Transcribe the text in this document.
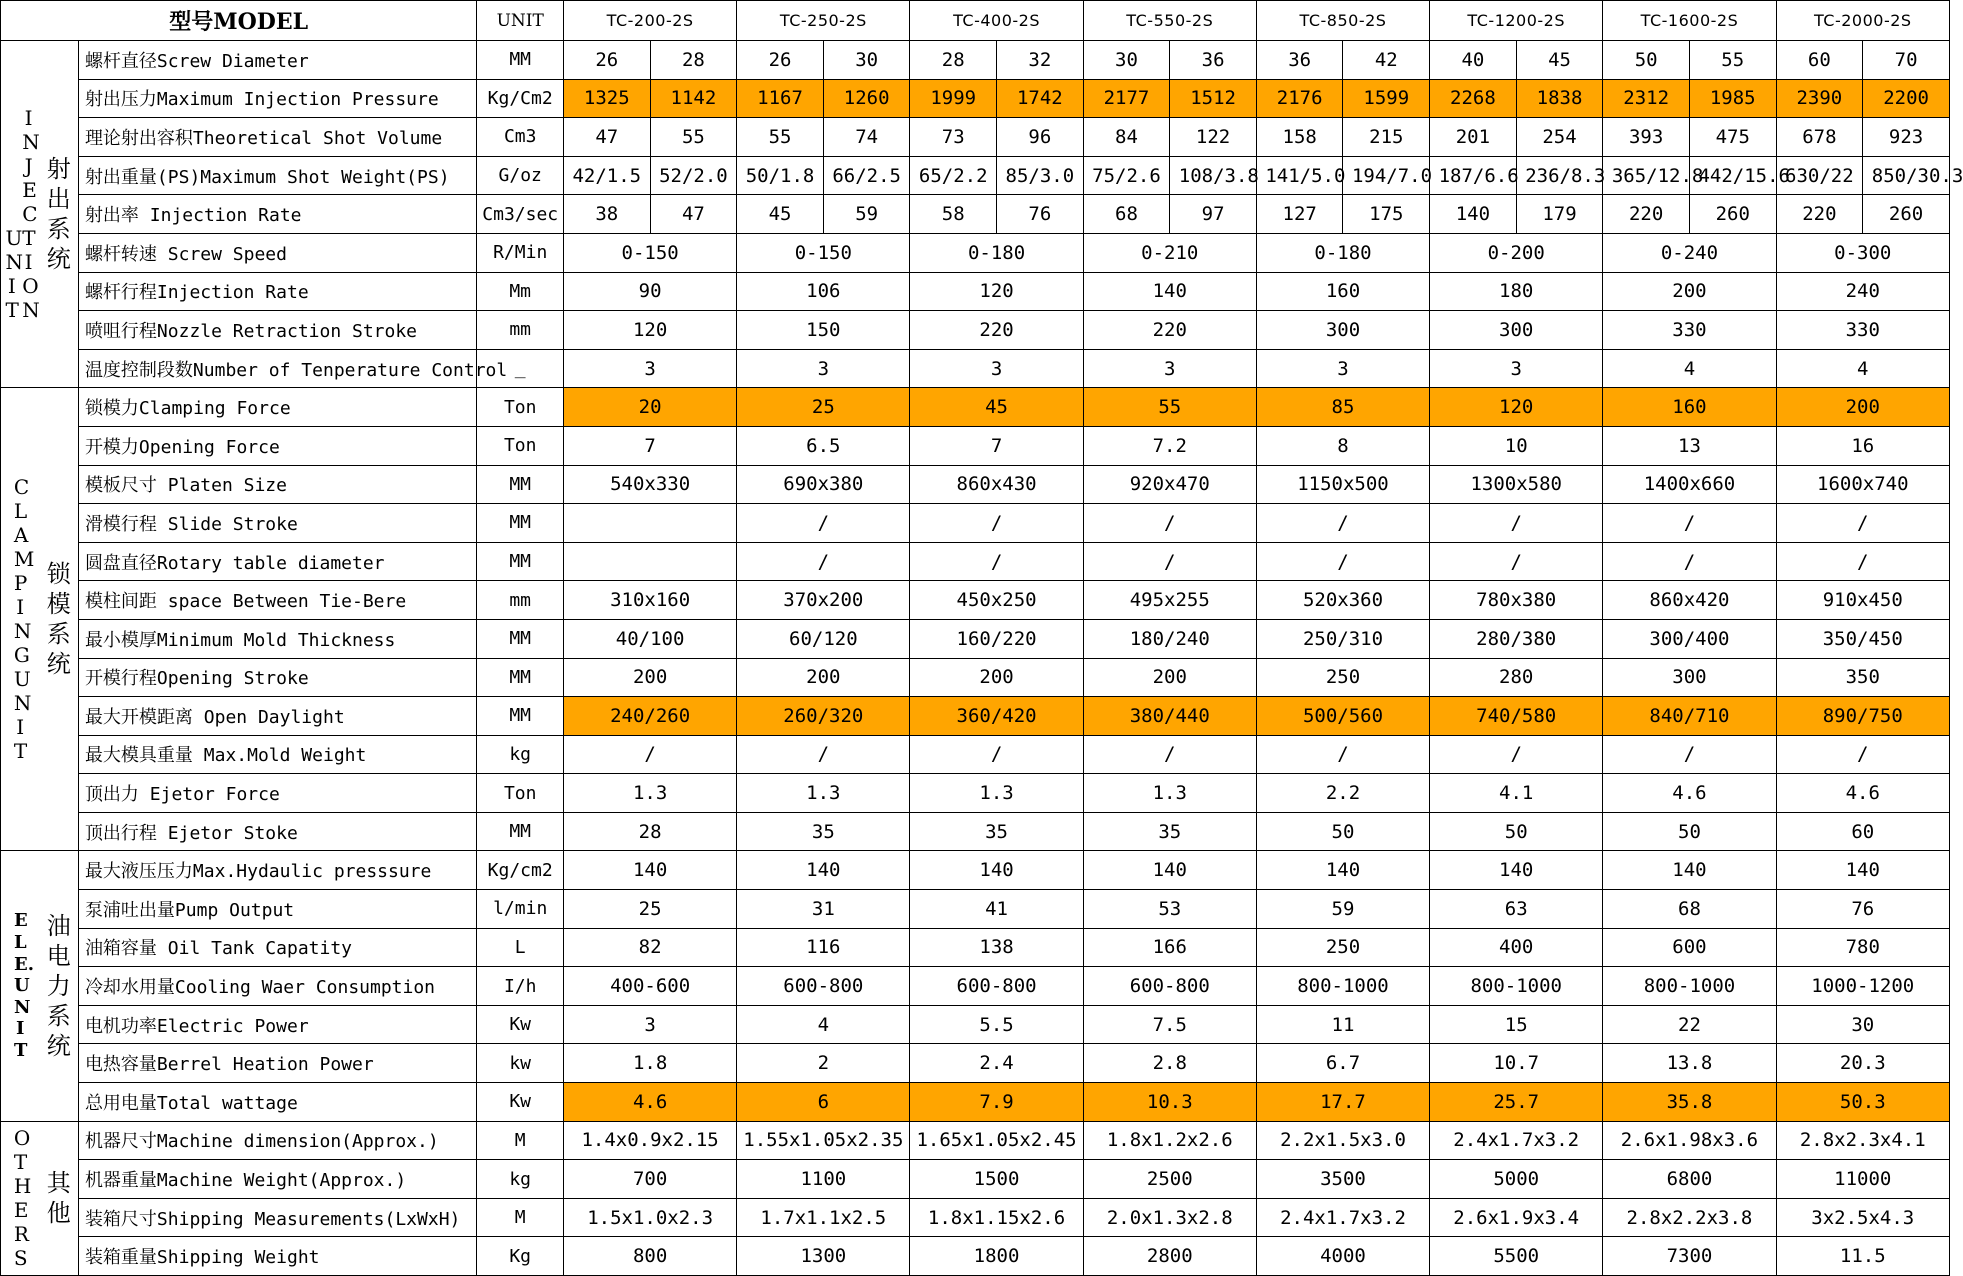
型号MODEL			UNIT	TC-200-2S		TC-250-2S		TC-400-2S		TC-550-2S		TC-850-2S		TC-1200-2S		TC-1600-2S		TC-2000-2S	
UNITINJECTION	射出系统	螺杆直径Screw Diameter	MM	26	28	26	30	28	32	30	36	36	42	40	45	50	55	60	70
		射出压力Maximum Injection Pressure	Kg/Cm2	1325	1142	1167	1260	1999	1742	2177	1512	2176	1599	2268	1838	2312	1985	2390	2200
		理论射出容积Theoretical Shot Volume	Cm3	47	55	55	74	73	96	84	122	158	215	201	254	393	475	678	923
		射出重量(PS)Maximum Shot Weight(PS)	G/oz	42/1.5	52/2.0	50/1.8	66/2.5	65/2.2	85/3.0	75/2.6	108/3.8	141/5.0	194/7.0	187/6.6	236/8.3	365/12.8	442/15.6	630/22	850/30.3
		射出率 Injection Rate	Cm3/sec	38	47	45	59	58	76	68	97	127	175	140	179	220	260	220	260
		螺杆转速 Screw Speed	R/Min	0-150		0-150		0-180		0-210		0-180		0-200		0-240		0-300	
		螺杆行程Injection Rate	Mm	90		106		120		140		160		180		200		240	
		喷咀行程Nozzle Retraction Stroke	mm	120		150		220		220		300		300		330		330	
		温度控制段数Number of Tenperature Control	_	3		3		3		3		3		3		4		4	
CLAMPING UNIT	锁模系统	锁模力Clamping Force	Ton	20		25		45		55		85		120		160		200	
		开模力Opening Force	Ton	7		6.5		7		7.2		8		10		13		16	
		模板尺寸 Platen Size	MM	540x330		690x380		860x430		920x470		1150x500		1300x580		1400x660		1600x740	
		滑模行程 Slide Stroke	MM			/		/		/		/		/		/		/	
		圆盘直径Rotary table diameter	MM			/		/		/		/		/		/		/	
		模柱间距 space Between Tie-Bere	mm	310x160		370x200		450x250		495x255		520x360		780x380		860x420		910x450	
		最小模厚Minimum Mold Thickness	MM	40/100		60/120		160/220		180/240		250/310		280/380		300/400		350/450	
		开模行程Opening Stroke	MM	200		200		200		200		250		280		300		350	
		最大开模距离 Open Daylight	MM	240/260		260/320		360/420		380/440		500/560		740/580		840/710		890/750	
		最大模具重量 Max.Mold Weight	kg	/		/		/		/		/		/		/		/	
		顶出力 Ejetor Force	Ton	1.3		1.3		1.3		1.3		2.2		4.1		4.6		4.6	
		顶出行程 Ejetor Stoke	MM	28		35		35		35		50		50		50		60	
ELE.UNIT	油电力系统	最大液压压力Max.Hydaulic presssure	Kg/cm2	140		140		140		140		140		140		140		140	
		泵浦吐出量Pump Output	l/min	25		31		41		53		59		63		68		76	
		油箱容量 Oil Tank Capatity	L	82		116		138		166		250		400		600		780	
		冷却水用量Cooling Waer Consumption	I/h	400-600		600-800		600-800		600-800		800-1000		800-1000		800-1000		1000-1200	
		电机功率Electric Power	Kw	3		4		5.5		7.5		11		15		22		30	
		电热容量Berrel Heation Power	kw	1.8		2		2.4		2.8		6.7		10.7		13.8		20.3	
		总用电量Total wattage	Kw	4.6		6		7.9		10.3		17.7		25.7		35.8		50.3	
OTHERS	其他	机器尺寸Machine dimension(Approx.)	M	1.4x0.9x2.15		1.55x1.05x2.35		1.65x1.05x2.45		1.8x1.2x2.6		2.2x1.5x3.0		2.4x1.7x3.2		2.6x1.98x3.6		2.8x2.3x4.1	
		机器重量Machine Weight(Approx.)	kg	700		1100		1500		2500		3500		5000		6800		11000	
		装箱尺寸Shipping Measurements(LxWxH)	M	1.5x1.0x2.3		1.7x1.1x2.5		1.8x1.15x2.6		2.0x1.3x2.8		2.4x1.7x3.2		2.6x1.9x3.4		2.8x2.2x3.8		3x2.5x4.3	
		装箱重量Shipping Weight	Kg	800		1300		1800		2800		4000		5500		7300		11.5	
